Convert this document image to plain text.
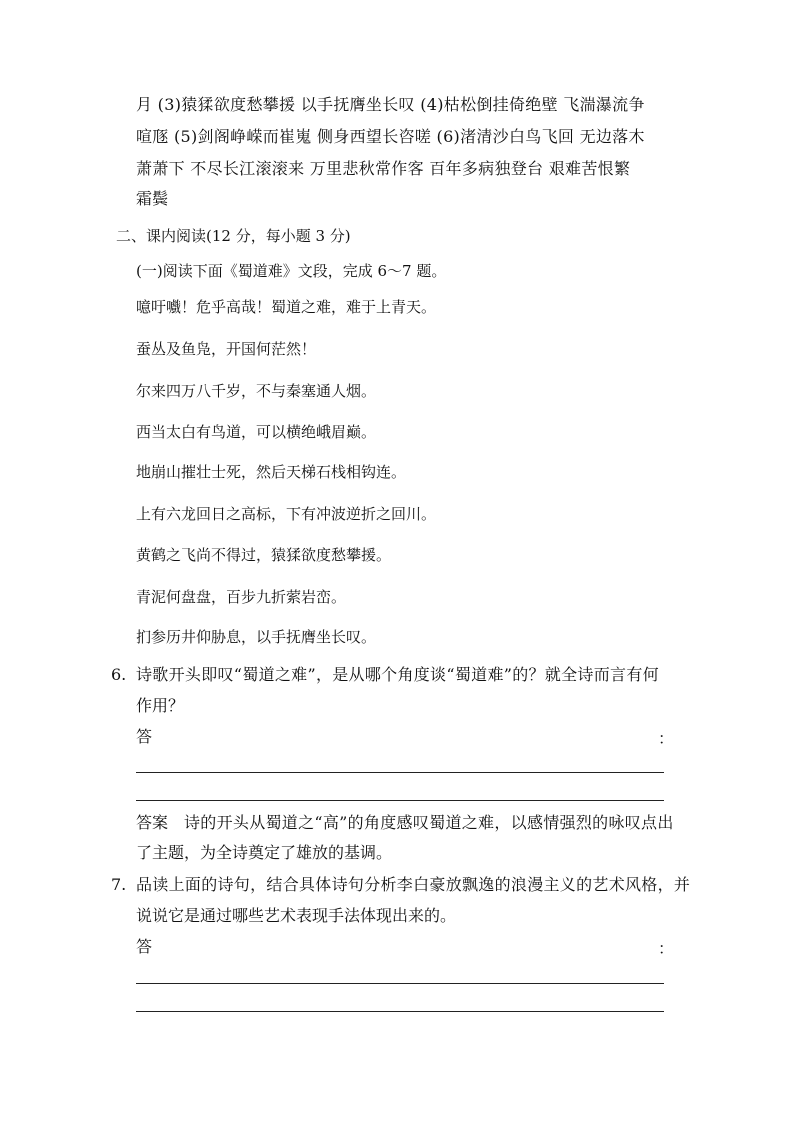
月 (3)猿猱欲度愁攀援 以手抚膺坐长叹 (4)枯松倒挂倚绝壁 飞湍瀑流争
喧豗 (5)剑阁峥嵘而崔嵬 侧身西望长咨嗟 (6)渚清沙白鸟飞回 无边落木
萧萧下 不尽长江滚滚来 万里悲秋常作客 百年多病独登台 艰难苦恨繁
霜鬓
二、课内阅读(12 分，每小题 3 分)
(一)阅读下面《蜀道难》文段，完成 6～7 题。
噫吁嚱！危乎高哉！蜀道之难，难于上青天。
蚕丛及鱼凫，开国何茫然！
尔来四万八千岁，不与秦塞通人烟。
西当太白有鸟道，可以横绝峨眉巅。
地崩山摧壮士死，然后天梯石栈相钩连。
上有六龙回日之高标，下有冲波逆折之回川。
黄鹤之飞尚不得过，猿猱欲度愁攀援。
青泥何盘盘，百步九折萦岩峦。
扪参历井仰胁息，以手抚膺坐长叹。
6. 诗歌开头即叹“蜀道之难”，是从哪个角度谈“蜀道难”的？就全诗而言有何
作用？
答	：
答案 诗的开头从蜀道之“高”的角度感叹蜀道之难，以感情强烈的咏叹点出
了主题，为全诗奠定了雄放的基调。
7. 品读上面的诗句，结合具体诗句分析李白豪放飘逸的浪漫主义的艺术风格，并
说说它是通过哪些艺术表现手法体现出来的。
答	：
